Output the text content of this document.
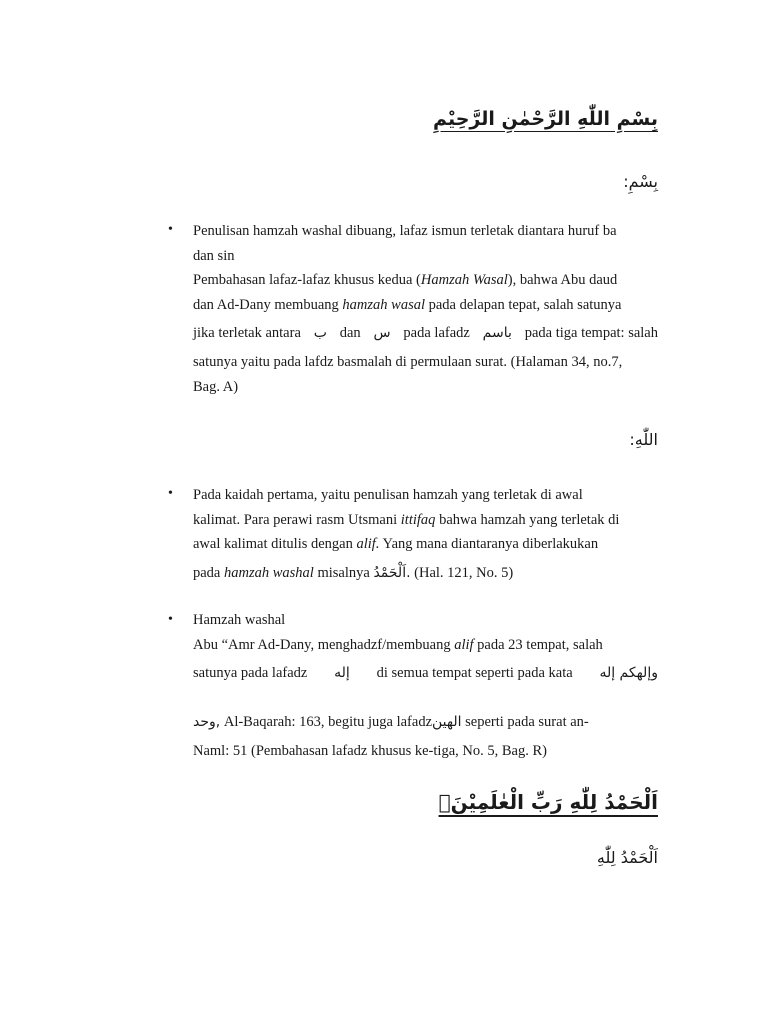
بِسْمِ اللّٰهِ الرَّحْمٰنِ الرَّحِيْمِ
بِسْمِ:
• Penulisan hamzah washal dibuang, lafaz ismun terletak diantara huruf ba
dan sin
Pembahasan lafaz-lafaz khusus kedua (Hamzah Wasal), bahwa Abu daud
dan Ad-Dany membuang hamzah wasal pada delapan tepat, salah satunya
jika terletak antara ب dan س pada lafadz باسم pada tiga tempat: salah
satunya yaitu pada lafdz basmalah di permulaan surat. (Halaman 34, no.7,
Bag. A)
اللّٰهِ:
• Pada kaidah pertama, yaitu penulisan hamzah yang terletak di awal
kalimat. Para perawi rasm Utsmani ittifaq bahwa hamzah yang terletak di
awal kalimat ditulis dengan alif. Yang mana diantaranya diberlakukan
pada hamzah washal misalnya اَلْحَمْدُ. (Hal. 121, No. 5)
• Hamzah washal
Abu “Amr Ad-Dany, menghadzf/membuang alif pada 23 tempat, salah
satunya pada lafadz إله di semua tempat seperti pada kata وإلهكم إله
وحد, Al-Baqarah: 163, begitu juga lafadzالهين seperti pada surat an-
Naml: 51 (Pembahasan lafadz khusus ke-tiga, No. 5, Bag. R)
اَلْحَمْدُ لِلّٰهِ رَبِّ الْعٰلَمِيْنَۙ
اَلْحَمْدُ لِلّٰهِ
